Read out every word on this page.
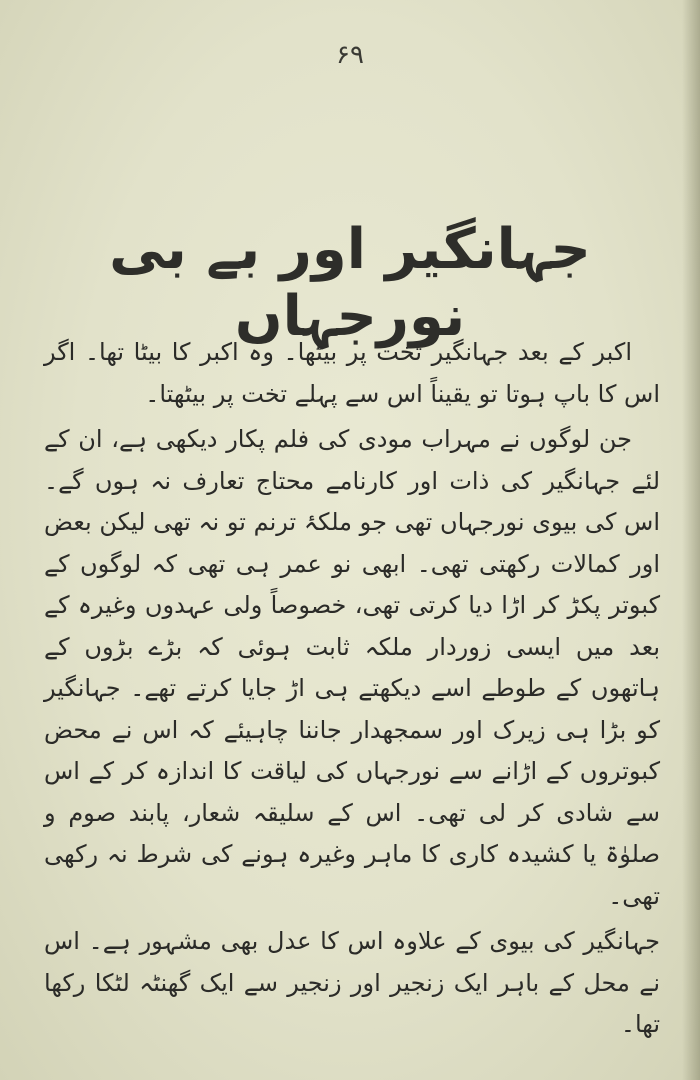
۶۹
جہانگیر اور بے بی نورجہاں

اکبر کے بعد جہانگیر تخت پر بیٹھا۔ وہ اکبر کا بیٹا تھا۔ اگر اس کا باپ ہوتا تو یقیناً اس سے پہلے تخت پر بیٹھتا۔

جن لوگوں نے مہراب مودی کی فلم پکار دیکھی ہے، ان کے لئے جہانگیر کی ذات اور کارنامے محتاج تعارف نہ ہوں گے۔ اس کی بیوی نورجہاں تھی جو ملکۂ ترنم تو نہ تھی لیکن بعض اور کمالات رکھتی تھی۔ ابھی نو عمر ہی تھی کہ لوگوں کے کبوتر پکڑ کر اڑا دیا کرتی تھی، خصوصاً ولی عہدوں وغیرہ کے بعد میں ایسی زوردار ملکہ ثابت ہوئی کہ بڑے بڑوں کے ہاتھوں کے طوطے اسے دیکھتے ہی اڑ جایا کرتے تھے۔ جہانگیر کو بڑا ہی زیرک اور سمجھدار جاننا چاہیئے کہ اس نے محض کبوتروں کے اڑانے سے نورجہاں کی لیاقت کا اندازہ کر کے اس سے شادی کر لی تھی۔ اس کے سلیقہ شعار، پابند صوم و صلوٰۃ یا کشیدہ کاری کا ماہر وغیرہ ہونے کی شرط نہ رکھی تھی۔

جہانگیر کی بیوی کے علاوہ اس کا عدل بھی مشہور ہے۔ اس نے محل کے باہر ایک زنجیر اور زنجیر سے ایک گھنٹہ لٹکا رکھا تھا۔
